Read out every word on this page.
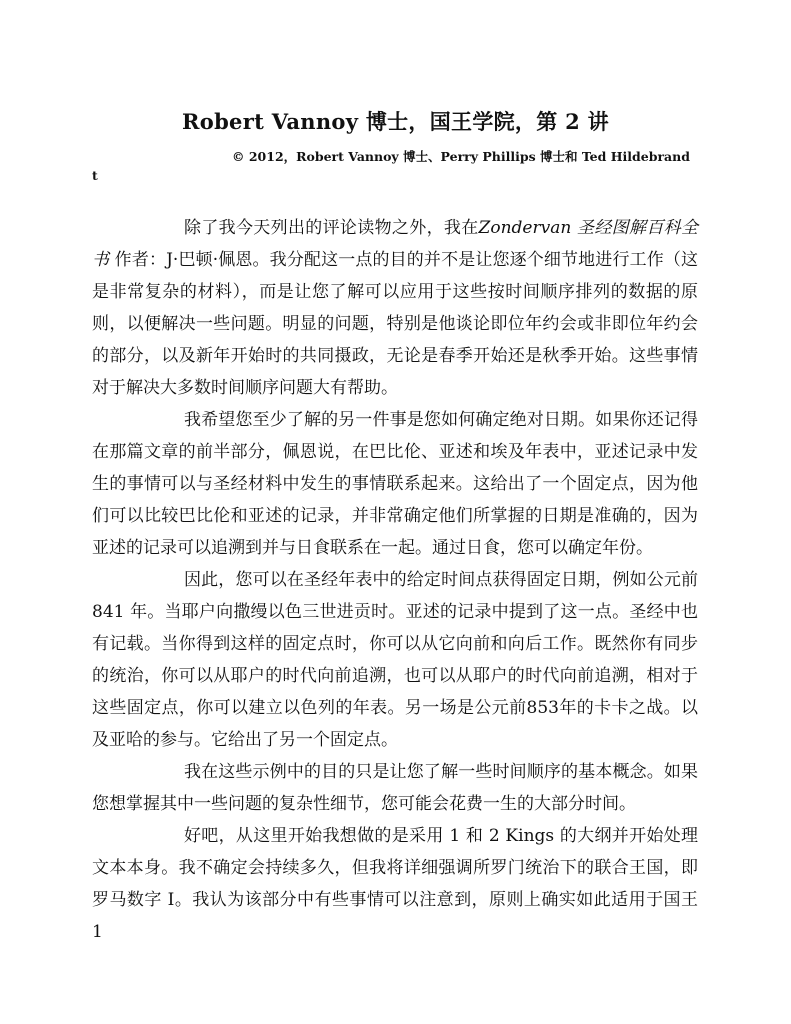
Robert Vannoy 博士，国王学院，第 2 讲
© 2012，Robert Vannoy 博士、Perry Phillips 博士和 Ted Hildebrand
t

除了我今天列出的评论读物之外，我在Zondervan 圣经图解百科全书 作者：J·巴顿·佩恩。我分配这一点的目的并不是让您逐个细节地进行工作（这是非常复杂的材料），而是让您了解可以应用于这些按时间顺序排列的数据的原则，以便解决一些问题。明显的问题，特别是他谈论即位年约会或非即位年约会的部分，以及新年开始时的共同摄政，无论是春季开始还是秋季开始。这些事情对于解决大多数时间顺序问题大有帮助。

我希望您至少了解的另一件事是您如何确定绝对日期。如果你还记得在那篇文章的前半部分，佩恩说，在巴比伦、亚述和埃及年表中，亚述记录中发生的事情可以与圣经材料中发生的事情联系起来。这给出了一个固定点，因为他们可以比较巴比伦和亚述的记录，并非常确定他们所掌握的日期是准确的，因为亚述的记录可以追溯到并与日食联系在一起。通过日食，您可以确定年份。

因此，您可以在圣经年表中的给定时间点获得固定日期，例如公元前 841 年。当耶户向撒缦以色三世进贡时。亚述的记录中提到了这一点。圣经中也有记载。当你得到这样的固定点时，你可以从它向前和向后工作。既然你有同步的统治，你可以从耶户的时代向前追溯，也可以从耶户的时代向前追溯，相对于这些固定点，你可以建立以色列的年表。另一场是公元前853年的卡卡之战。以及亚哈的参与。它给出了另一个固定点。

我在这些示例中的目的只是让您了解一些时间顺序的基本概念。如果您想掌握其中一些问题的复杂性细节，您可能会花费一生的大部分时间。

好吧，从这里开始我想做的是采用 1 和 2 Kings 的大纲并开始处理文本本身。我不确定会持续多久，但我将详细强调所罗门统治下的联合王国，即罗马数字 I。我认为该部分中有些事情可以注意到，原则上确实如此适用于国王 1
